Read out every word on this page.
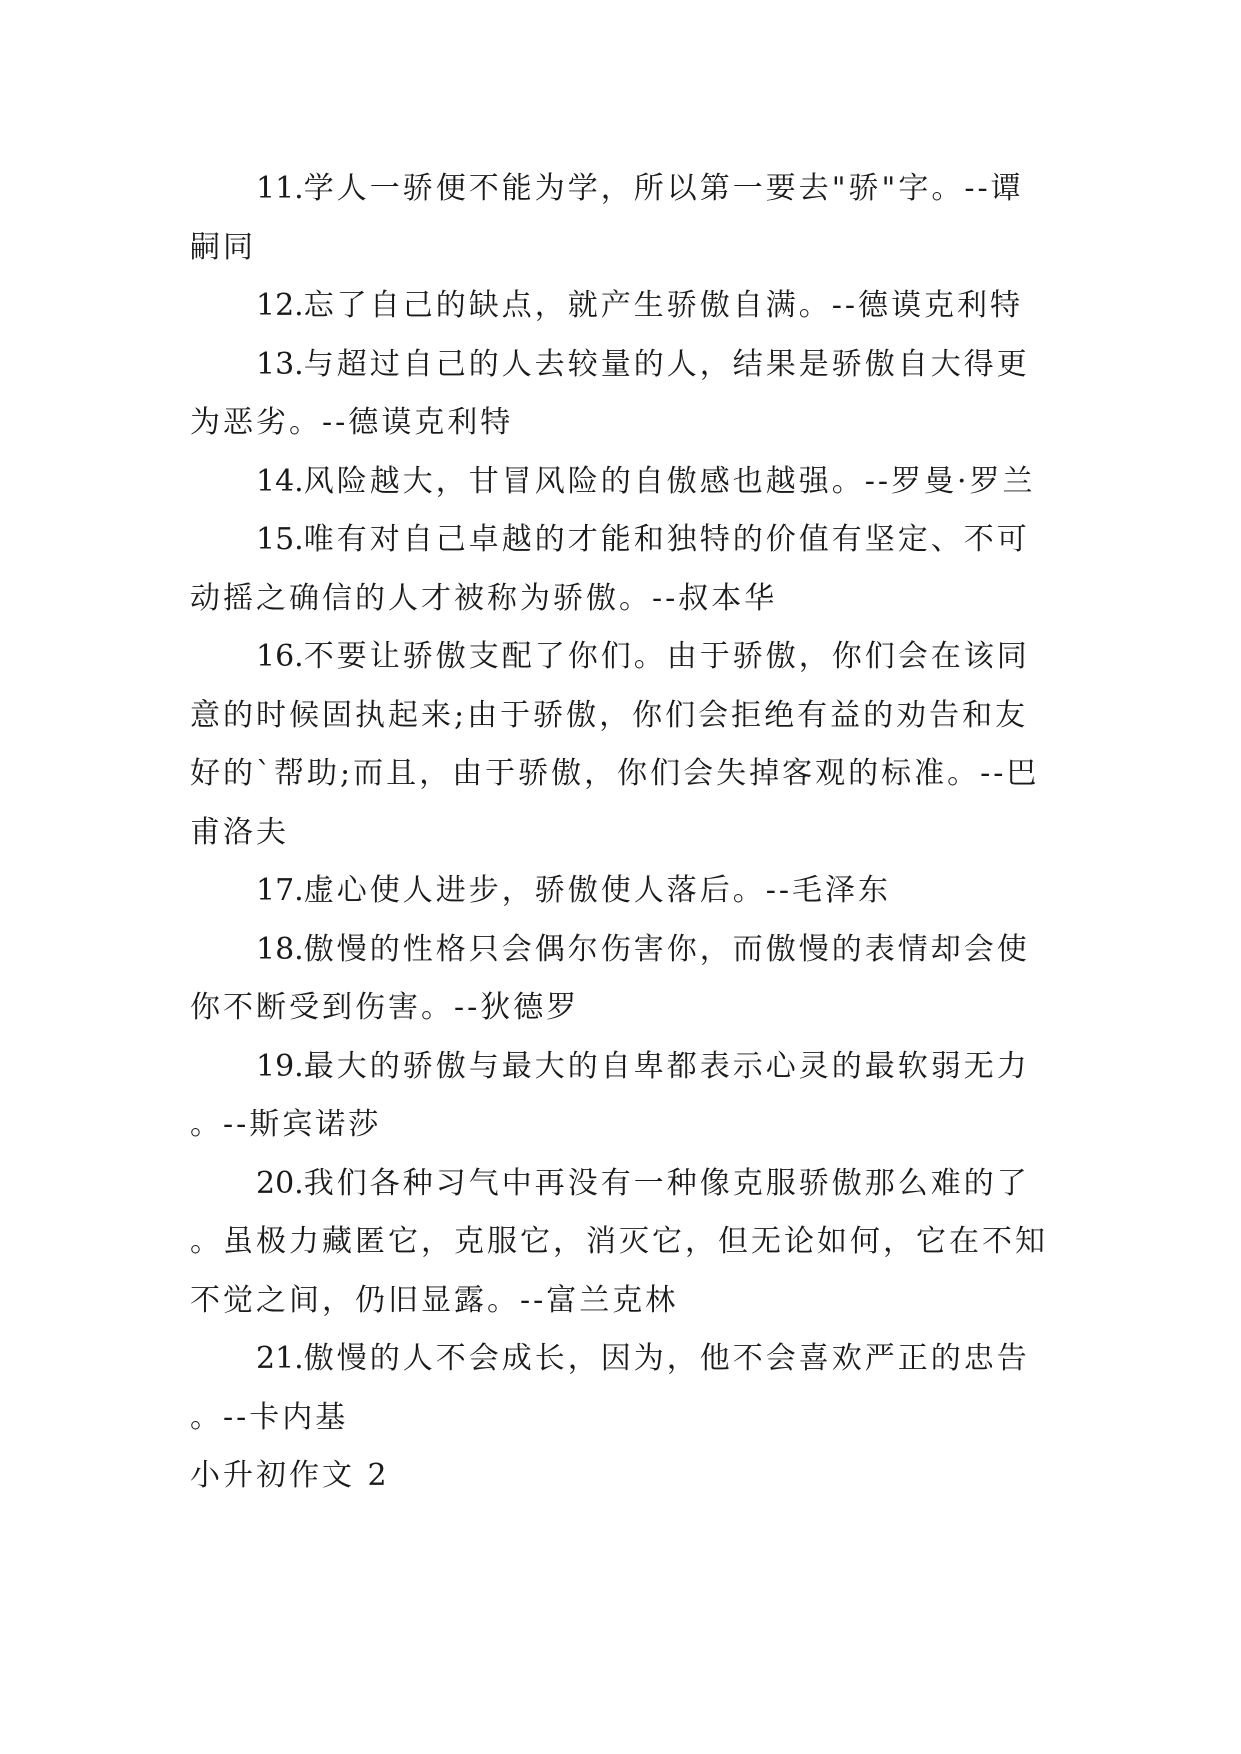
11.学人一骄便不能为学，所以第一要去"骄"字。--谭嗣同

12.忘了自己的缺点，就产生骄傲自满。--德谟克利特

13.与超过自己的人去较量的人，结果是骄傲自大得更为恶劣。--德谟克利特

14.风险越大，甘冒风险的自傲感也越强。--罗曼·罗兰

15.唯有对自己卓越的才能和独特的价值有坚定、不可动摇之确信的人才被称为骄傲。--叔本华

16.不要让骄傲支配了你们。由于骄傲，你们会在该同意的时候固执起来;由于骄傲，你们会拒绝有益的劝告和友好的`帮助;而且，由于骄傲，你们会失掉客观的标准。--巴甫洛夫

17.虚心使人进步，骄傲使人落后。--毛泽东

18.傲慢的性格只会偶尔伤害你，而傲慢的表情却会使你不断受到伤害。--狄德罗

19.最大的骄傲与最大的自卑都表示心灵的最软弱无力。--斯宾诺莎

20.我们各种习气中再没有一种像克服骄傲那么难的了。虽极力藏匿它，克服它，消灭它，但无论如何，它在不知不觉之间，仍旧显露。--富兰克林

21.傲慢的人不会成长，因为，他不会喜欢严正的忠告。--卡内基

小升初作文 2
